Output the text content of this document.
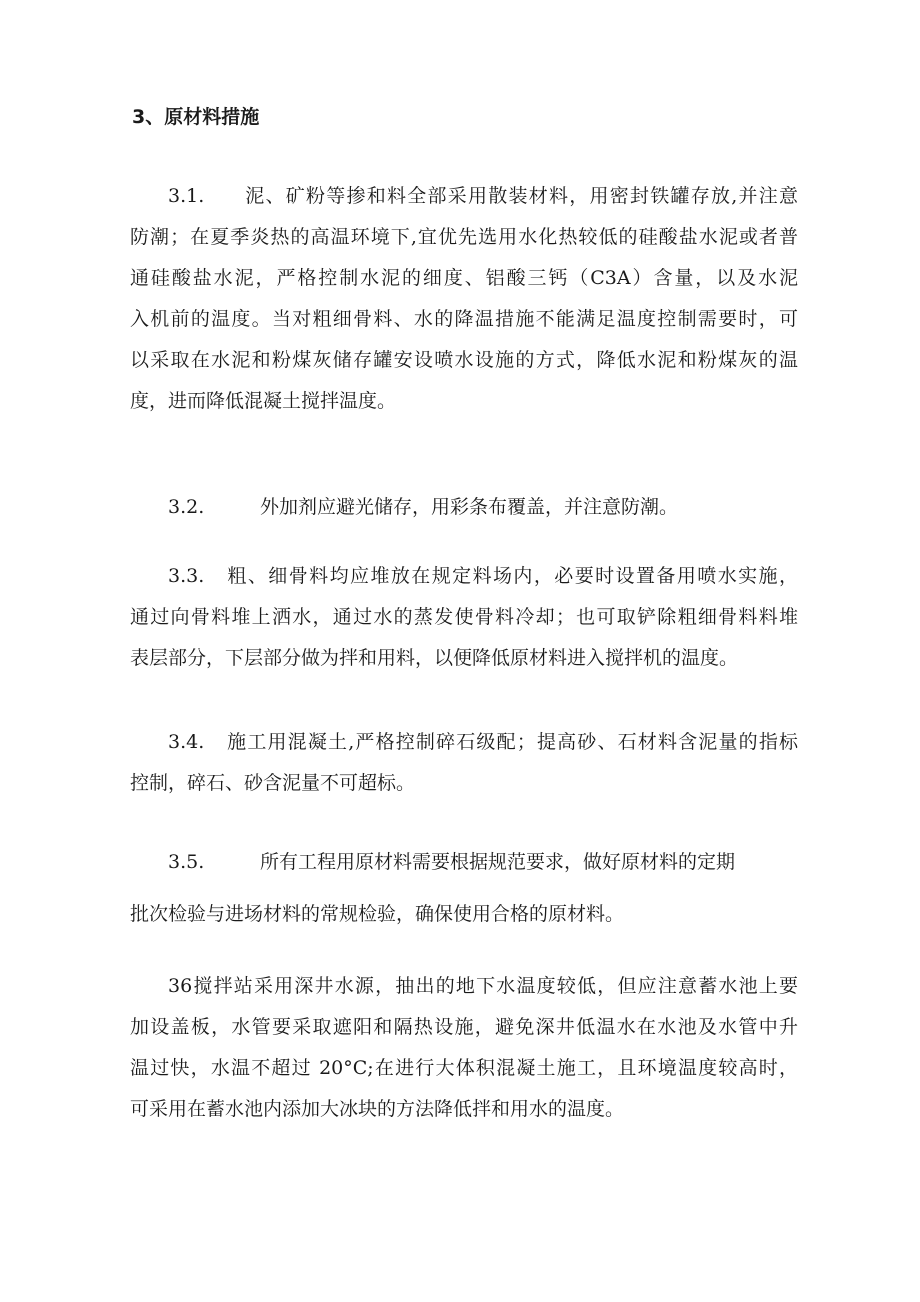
3、原材料措施
3.1. 泥、矿粉等掺和料全部采用散装材料，用密封铁罐存放,并注意
防潮；在夏季炎热的高温环境下,宜优先选用水化热较低的硅酸盐水泥或者普
通硅酸盐水泥，严格控制水泥的细度、铝酸三钙（C3A）含量，以及水泥
入机前的温度。当对粗细骨料、水的降温措施不能满足温度控制需要时，可
以采取在水泥和粉煤灰储存罐安设喷水设施的方式，降低水泥和粉煤灰的温
度，进而降低混凝土搅拌温度。
3.2.	外加剂应避光储存，用彩条布覆盖，并注意防潮。
3.3. 粗、细骨料均应堆放在规定料场内，必要时设置备用喷水实施，
通过向骨料堆上洒水，通过水的蒸发使骨料冷却；也可取铲除粗细骨料料堆
表层部分，下层部分做为拌和用料，以便降低原材料进入搅拌机的温度。
3.4. 施工用混凝土,严格控制碎石级配；提高砂、石材料含泥量的指标
控制，碎石、砂含泥量不可超标。
3.5.	所有工程用原材料需要根据规范要求，做好原材料的定期
批次检验与进场材料的常规检验，确保使用合格的原材料。
36搅拌站采用深井水源，抽出的地下水温度较低，但应注意蓄水池上要
加设盖板，水管要采取遮阳和隔热设施，避免深井低温水在水池及水管中升
温过快，水温不超过 20°C;在进行大体积混凝土施工，且环境温度较高时，
可采用在蓄水池内添加大冰块的方法降低拌和用水的温度。
